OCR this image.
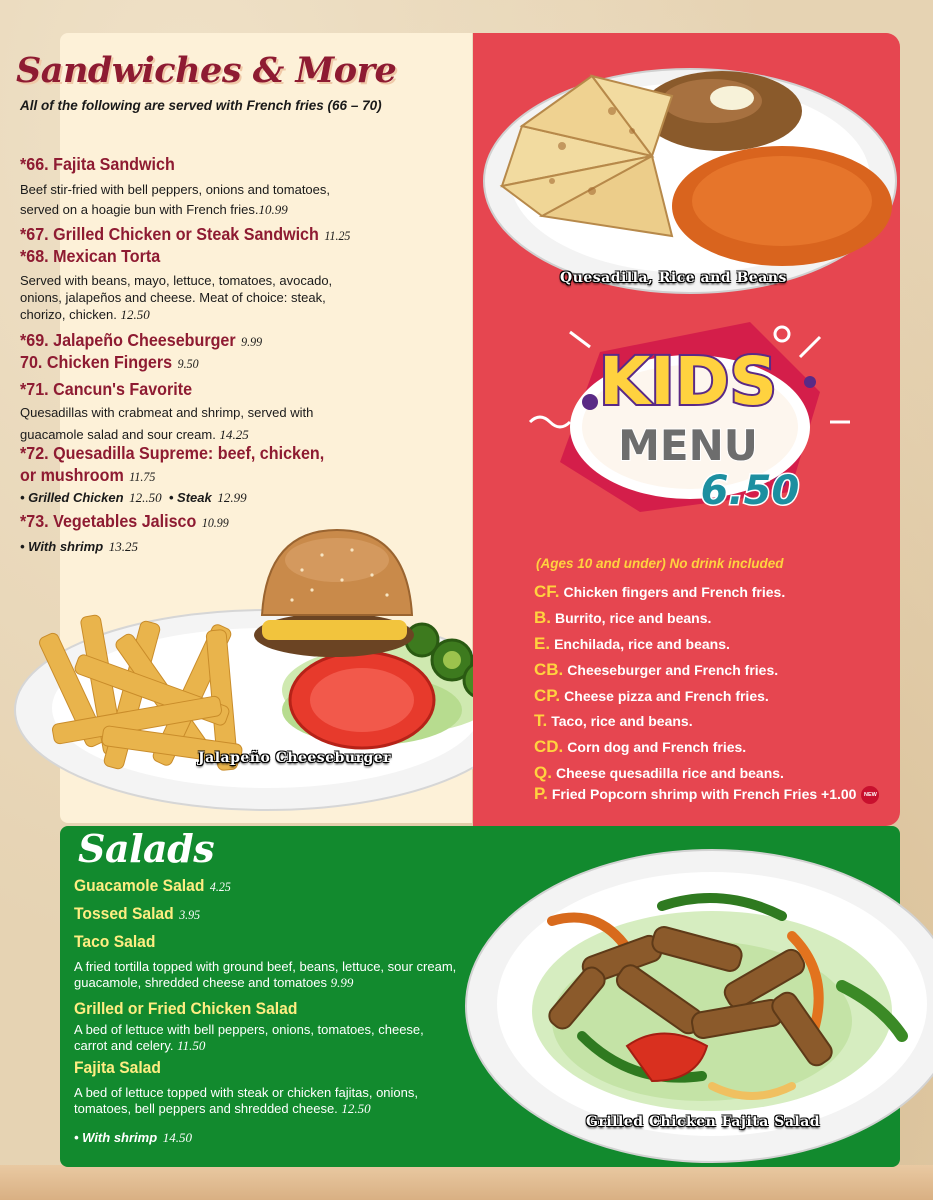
Sandwiches & More
All of the following are served with French fries (66 – 70)

*66. Fajita Sandwich

Beef stir-fried with bell peppers, onions and tomatoes, served on a hoagie bun with French fries.10.99

*67. Grilled Chicken or Steak Sandwich 11.25

*68. Mexican Torta

Served with beans, mayo, lettuce, tomatoes, avocado, onions, jalapeños and cheese. Meat of choice: steak, chorizo, chicken. 12.50

*69. Jalapeño Cheeseburger 9.99

70. Chicken Fingers 9.50

*71. Cancun's Favorite

Quesadillas with crabmeat and shrimp, served with guacamole salad and sour cream. 14.25

*72. Quesadilla Supreme: beef, chicken,

or mushroom 11.75

• Grilled Chicken 12..50 • Steak 12.99

*73. Vegetables Jalisco 10.99

• With shrimp 13.25

Jalapeño Cheeseburger
Quesadilla, Rice and Beans
KIDS
MENU
6.50
(Ages 10 and under) No drink included
CF. Chicken fingers and French fries.
B. Burrito, rice and beans.
E. Enchilada, rice and beans.
CB. Cheeseburger and French fries.
CP. Cheese pizza and French fries.
T. Taco, rice and beans.
CD. Corn dog and French fries.
Q. Cheese quesadilla rice and beans.
P. Fried Popcorn shrimp with French Fries +1.00 NEW
Salads

Guacamole Salad 4.25

Tossed Salad 3.95

Taco Salad

A fried tortilla topped with ground beef, beans, lettuce, sour cream, guacamole, shredded cheese and tomatoes 9.99

Grilled or Fried Chicken Salad

A bed of lettuce with bell peppers, onions, tomatoes, cheese, carrot and celery. 11.50

Fajita Salad

A bed of lettuce topped with steak or chicken fajitas, onions, tomatoes, bell peppers and shredded cheese. 12.50

• With shrimp 14.50

Grilled Chicken Fajita Salad
